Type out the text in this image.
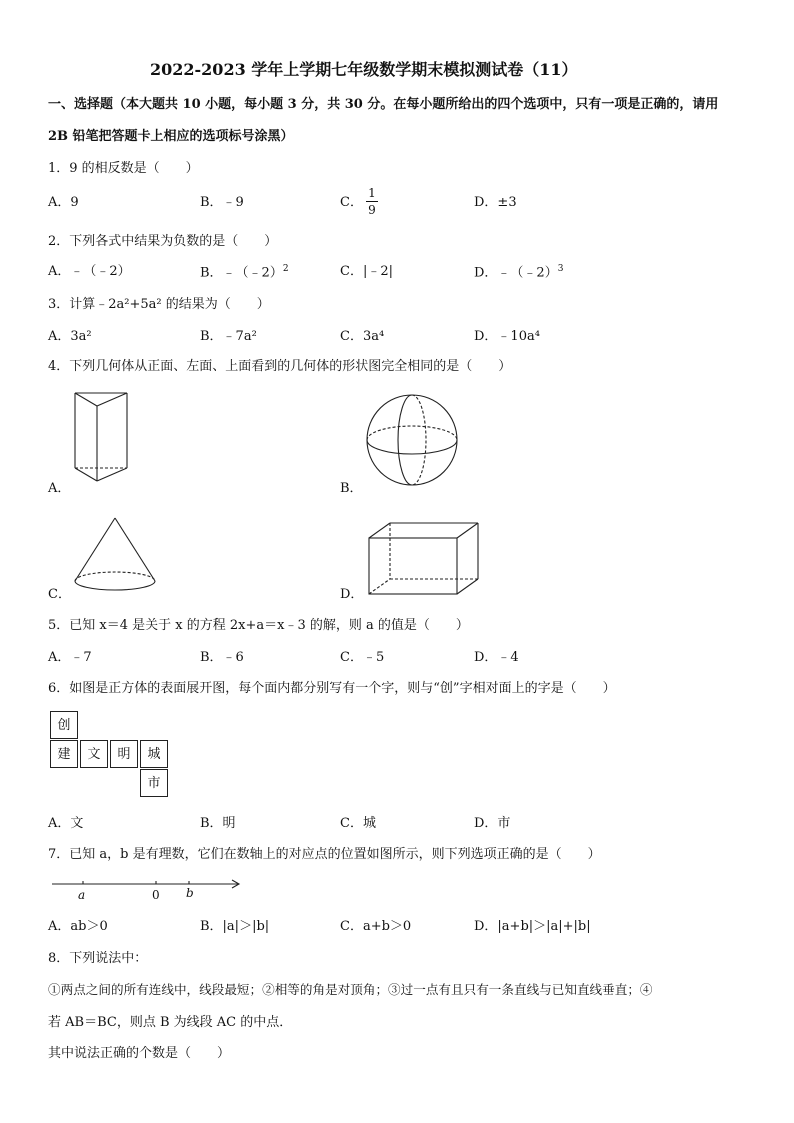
2022-2023 学年上学期七年级数学期末模拟测试卷（11）
一、选择题（本大题共 10 小题，每小题 3 分，共 30 分。在每小题所给出的四个选项中，只有一项是正确的，请用
2B 铅笔把答题卡上相应的选项标号涂黑）
1．9 的相反数是（　　）
A．9	B．﹣9	C．
1
9	D．±3
2．下列各式中结果为负数的是（　　）
A．﹣（﹣2）	B．﹣（﹣2）$^2$	C．|﹣2|	D．﹣（﹣2）$^3$
3．计算﹣2a²+5a² 的结果为（　　）
A．3a²	B．﹣7a²	C．3a⁴	D．﹣10a⁴
4．下列几何体从正面、左面、上面看到的几何体的形状图完全相同的是（　　）
A．	B．
C．	D．
5．已知 x＝4 是关于 x 的方程 2x+a＝x﹣3 的解，则 a 的值是（　　）
A．﹣7	B．﹣6	C．﹣5	D．﹣4
6．如图是正方体的表面展开图，每个面内都分别写有一个字，则与“创”字相对面上的字是（　　）
创
建	文	明	城
市
A．文	B．明	C．城	D．市
7．已知 a，b 是有理数，它们在数轴上的对应点的位置如图所示，则下列选项正确的是（　　）
a	0 b
A．ab＞0	B．|a|＞|b|	C．a+b＞0	D．|a+b|＞|a|+|b|
8．下列说法中：
①两点之间的所有连线中，线段最短；②相等的角是对顶角；③过一点有且只有一条直线与已知直线垂直；④
若 AB＝BC，则点 B 为线段 AC 的中点．
其中说法正确的个数是（　　）
